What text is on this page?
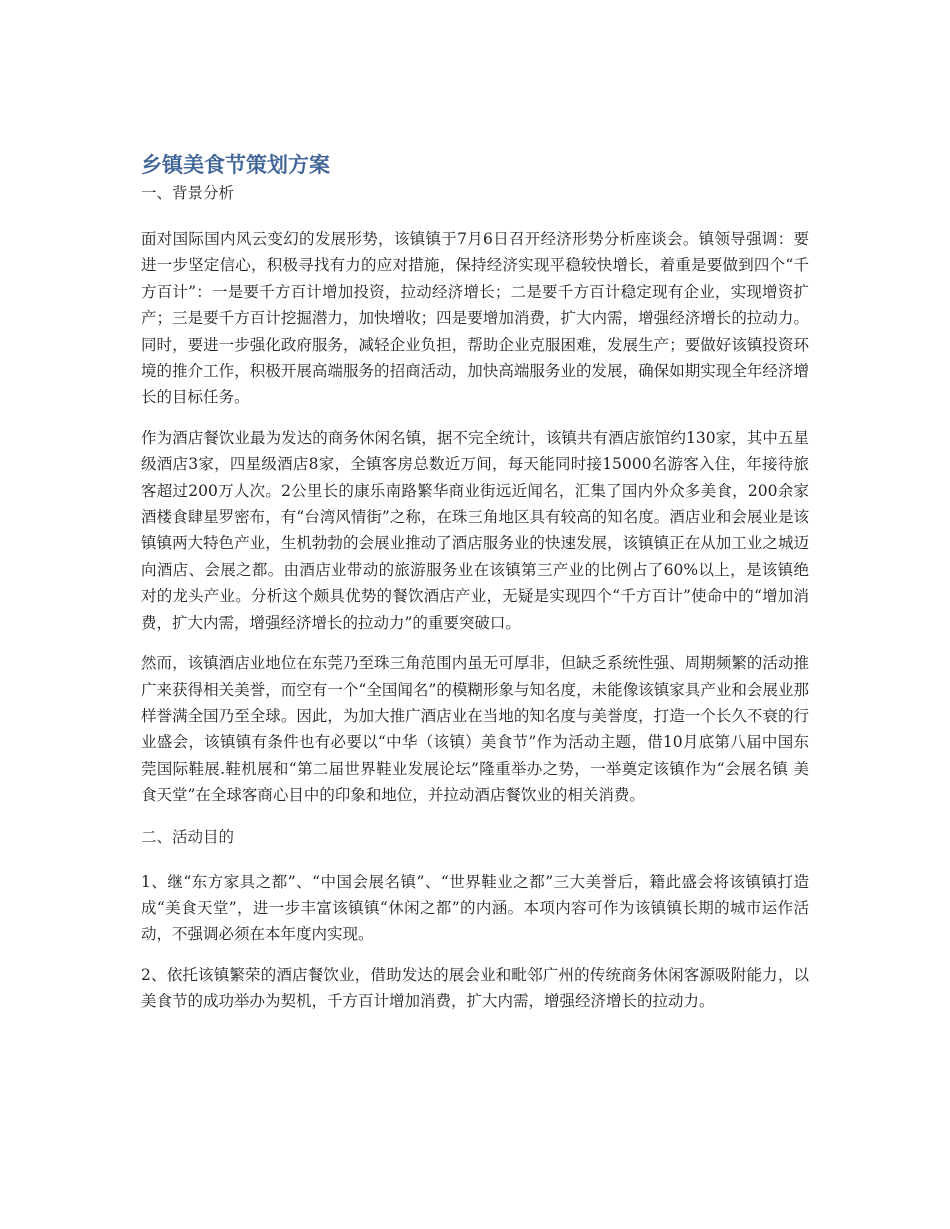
乡镇美食节策划方案

一、背景分析

面对国际国内风云变幻的发展形势，该镇镇于7月6日召开经济形势分析座谈会。镇领导强调：要进一步坚定信心，积极寻找有力的应对措施，保持经济实现平稳较快增长，着重是要做到四个“千方百计”：一是要千方百计增加投资，拉动经济增长；二是要千方百计稳定现有企业，实现增资扩产；三是要千方百计挖掘潜力，加快增收；四是要增加消费，扩大内需，增强经济增长的拉动力。同时，要进一步强化政府服务，减轻企业负担，帮助企业克服困难，发展生产；要做好该镇投资环境的推介工作，积极开展高端服务的招商活动，加快高端服务业的发展，确保如期实现全年经济增长的目标任务。

作为酒店餐饮业最为发达的商务休闲名镇，据不完全统计，该镇共有酒店旅馆约130家，其中五星级酒店3家，四星级酒店8家，全镇客房总数近万间，每天能同时接15000名游客入住，年接待旅客超过200万人次。2公里长的康乐南路繁华商业街远近闻名，汇集了国内外众多美食，200余家酒楼食肆星罗密布，有“台湾风情街”之称，在珠三角地区具有较高的知名度。酒店业和会展业是该镇镇两大特色产业，生机勃勃的会展业推动了酒店服务业的快速发展，该镇镇正在从加工业之城迈向酒店、会展之都。由酒店业带动的旅游服务业在该镇第三产业的比例占了60%以上，是该镇绝对的龙头产业。分析这个颇具优势的餐饮酒店产业，无疑是实现四个“千方百计”使命中的“增加消费，扩大内需，增强经济增长的拉动力”的重要突破口。

然而，该镇酒店业地位在东莞乃至珠三角范围内虽无可厚非，但缺乏系统性强、周期频繁的活动推广来获得相关美誉，而空有一个“全国闻名”的模糊形象与知名度，未能像该镇家具产业和会展业那样誉满全国乃至全球。因此，为加大推广酒店业在当地的知名度与美誉度，打造一个长久不衰的行业盛会，该镇镇有条件也有必要以“中华（该镇）美食节”作为活动主题，借10月底第八届中国东莞国际鞋展.鞋机展和“第二届世界鞋业发展论坛”隆重举办之势，一举奠定该镇作为“会展名镇 美食天堂”在全球客商心目中的印象和地位，并拉动酒店餐饮业的相关消费。

二、活动目的

1、继“东方家具之都”、“中国会展名镇”、“世界鞋业之都”三大美誉后，籍此盛会将该镇镇打造成“美食天堂”，进一步丰富该镇镇“休闲之都”的内涵。本项内容可作为该镇镇长期的城市运作活动，不强调必须在本年度内实现。

2、依托该镇繁荣的酒店餐饮业，借助发达的展会业和毗邻广州的传统商务休闲客源吸附能力，以美食节的成功举办为契机，千方百计增加消费，扩大内需，增强经济增长的拉动力。
